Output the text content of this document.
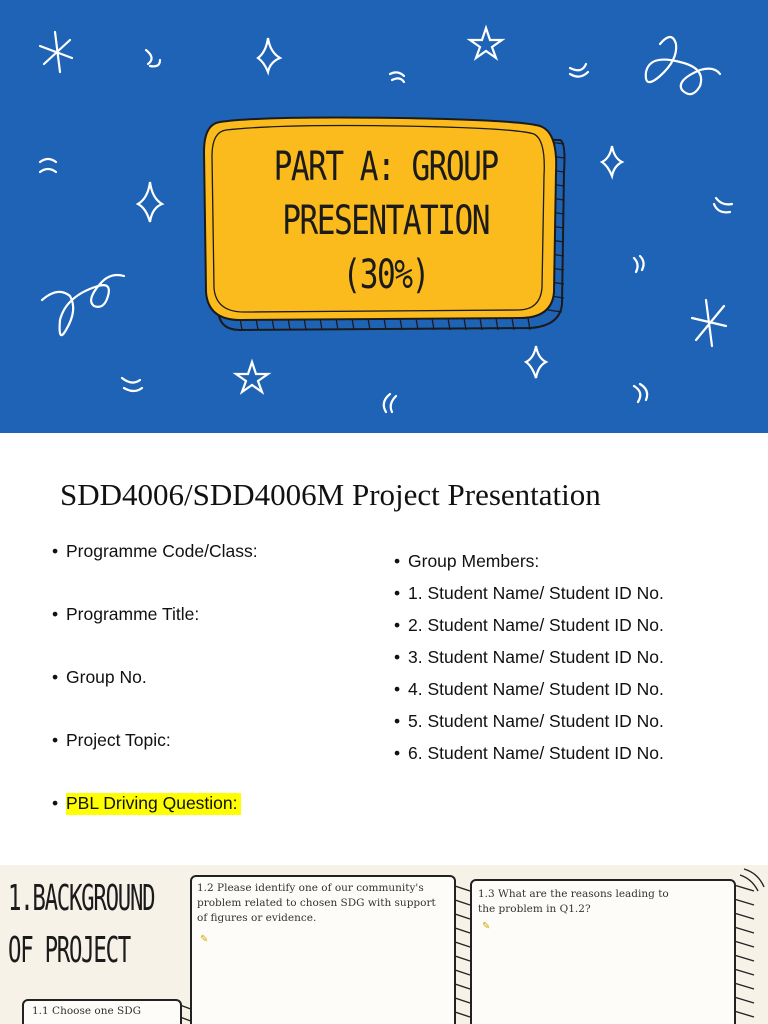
PART A: GROUP
PRESENTATION
(30%)
SDD4006/SDD4006M Project Presentation
• Programme Code/Class:
• Programme Title:
• Group No.
• Project Topic:
• PBL Driving Question:
• Group Members:
• 1. Student Name/ Student ID No.
• 2. Student Name/ Student ID No.
• 3. Student Name/ Student ID No.
• 4. Student Name/ Student ID No.
• 5. Student Name/ Student ID No.
• 6. Student Name/ Student ID No.
1.BACKGROUND
OF PROJECT
1.2 Please identify one of our community's problem related to chosen SDG with support of figures or evidence.
✎
1.3 What are the reasons leading to the problem in Q1.2?
✎
1.1 Choose one SDG
